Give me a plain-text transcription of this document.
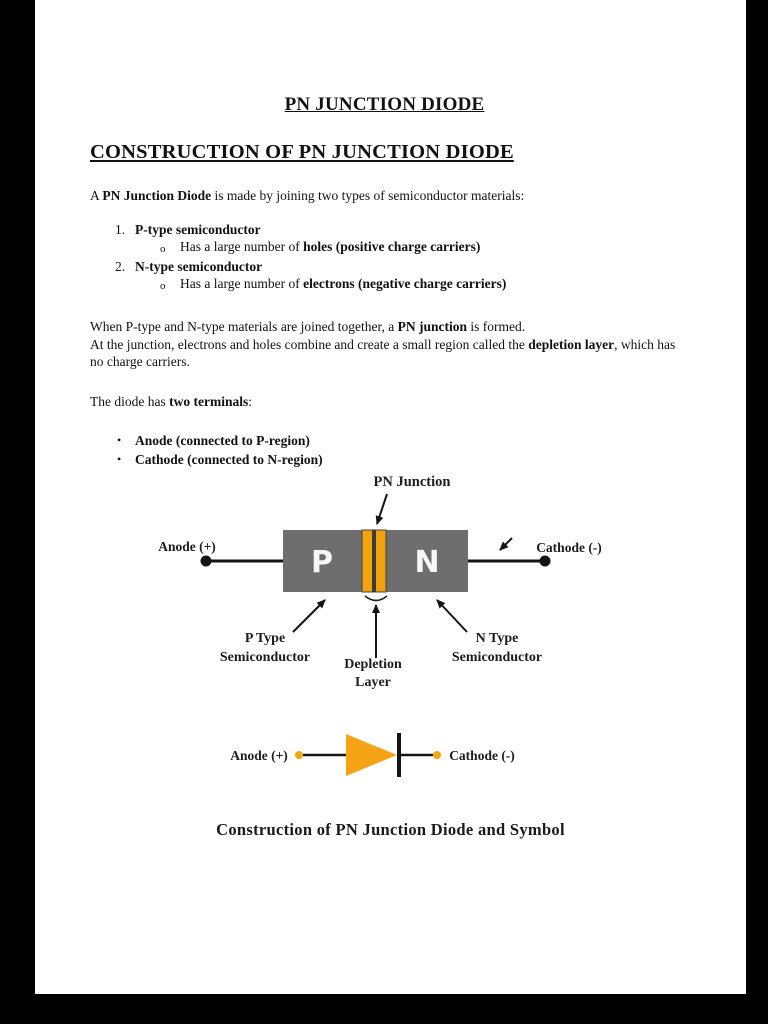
PN JUNCTION DIODE
CONSTRUCTION OF PN JUNCTION DIODE

A PN Junction Diode is made by joining two types of semiconductor materials:

1. P-type semiconductor
o	Has a large number of holes (positive charge carriers)
2. N-type semiconductor
o	Has a large number of electrons (negative charge carriers)

When P-type and N-type materials are joined together, a PN junction is formed.
At the junction, electrons and holes combine and create a small region called the depletion layer, which has no charge carriers.

The diode has two terminals:

•	Anode (connected to P-region)
•	Cathode (connected to N-region)
PN Junction
P	N
Anode (+)	Cathode (-)
P Type
Semiconductor
N Type
Semiconductor
Depletion
Layer
Anode (+)	Cathode (-)
Construction of PN Junction Diode and Symbol
